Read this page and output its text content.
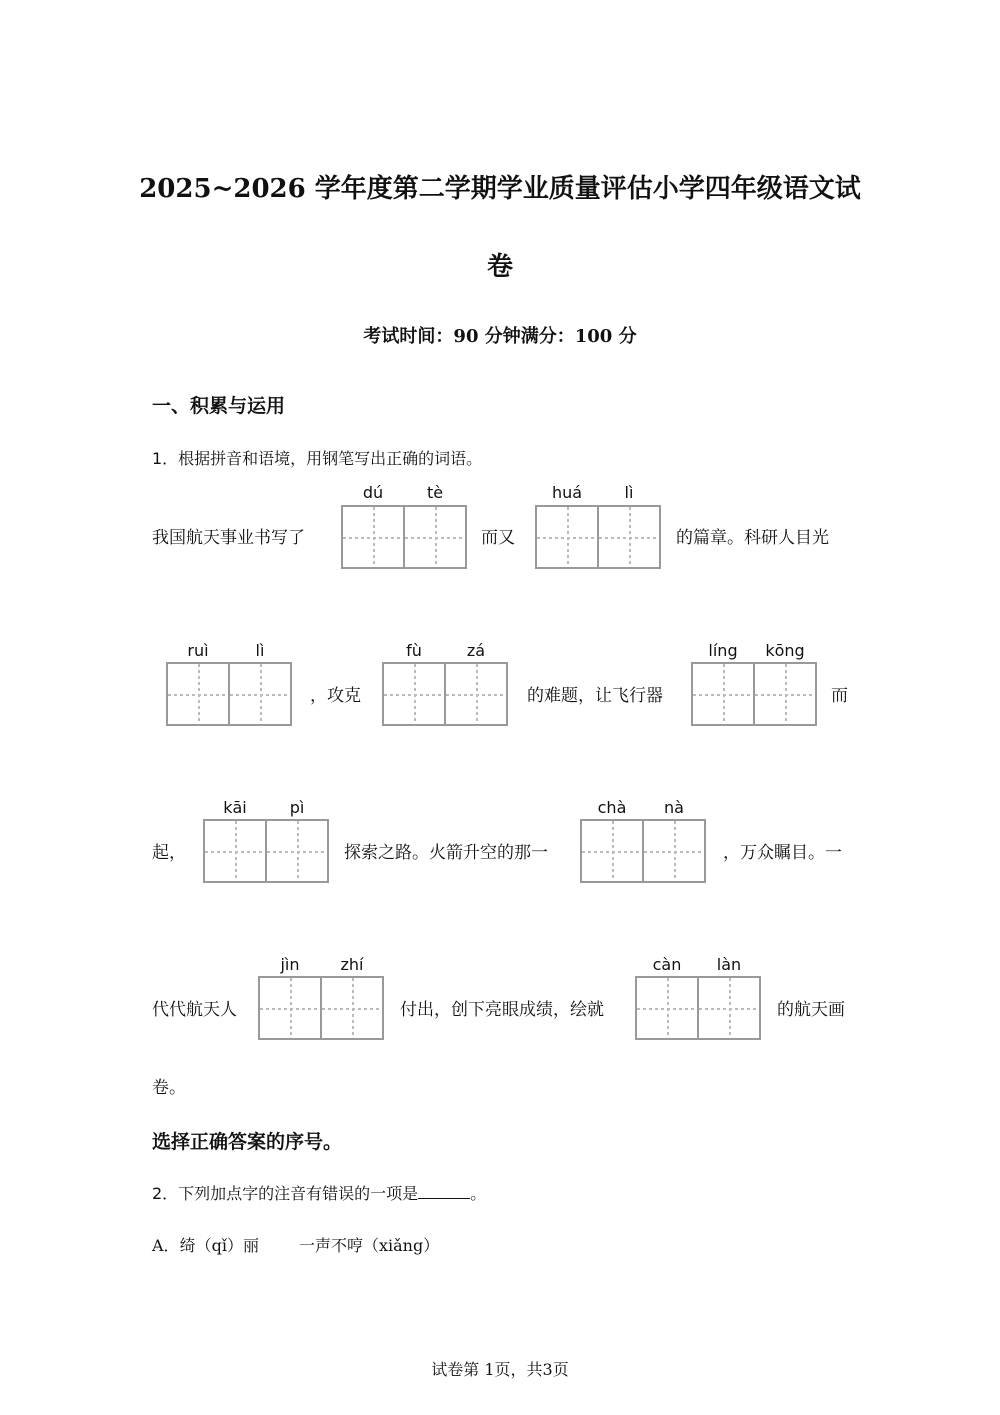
2025~2026 学年度第二学期学业质量评估小学四年级语文试
卷
考试时间：90 分钟满分：100 分
一、积累与运用
1．根据拼音和语境，用钢笔写出正确的词语。
我国航天事业书写了
dú	tè
而又
huá	lì
的篇章。科研人目光
ruì	lì
，攻克
fù	zá
的难题，让飞行器
líng	kōng
而
起，
kāi	pì
探索之路。火箭升空的那一
chà	nà
，万众瞩目。一
代代航天人
jìn	zhí
付出，创下亮眼成绩，绘就
càn	làn
的航天画
卷。
选择正确答案的序号。
2．下列加点字的注音有错误的一项是	。
A．绮（qǐ）丽	一声不哼（xiǎng）
试卷第 1页，共3页
